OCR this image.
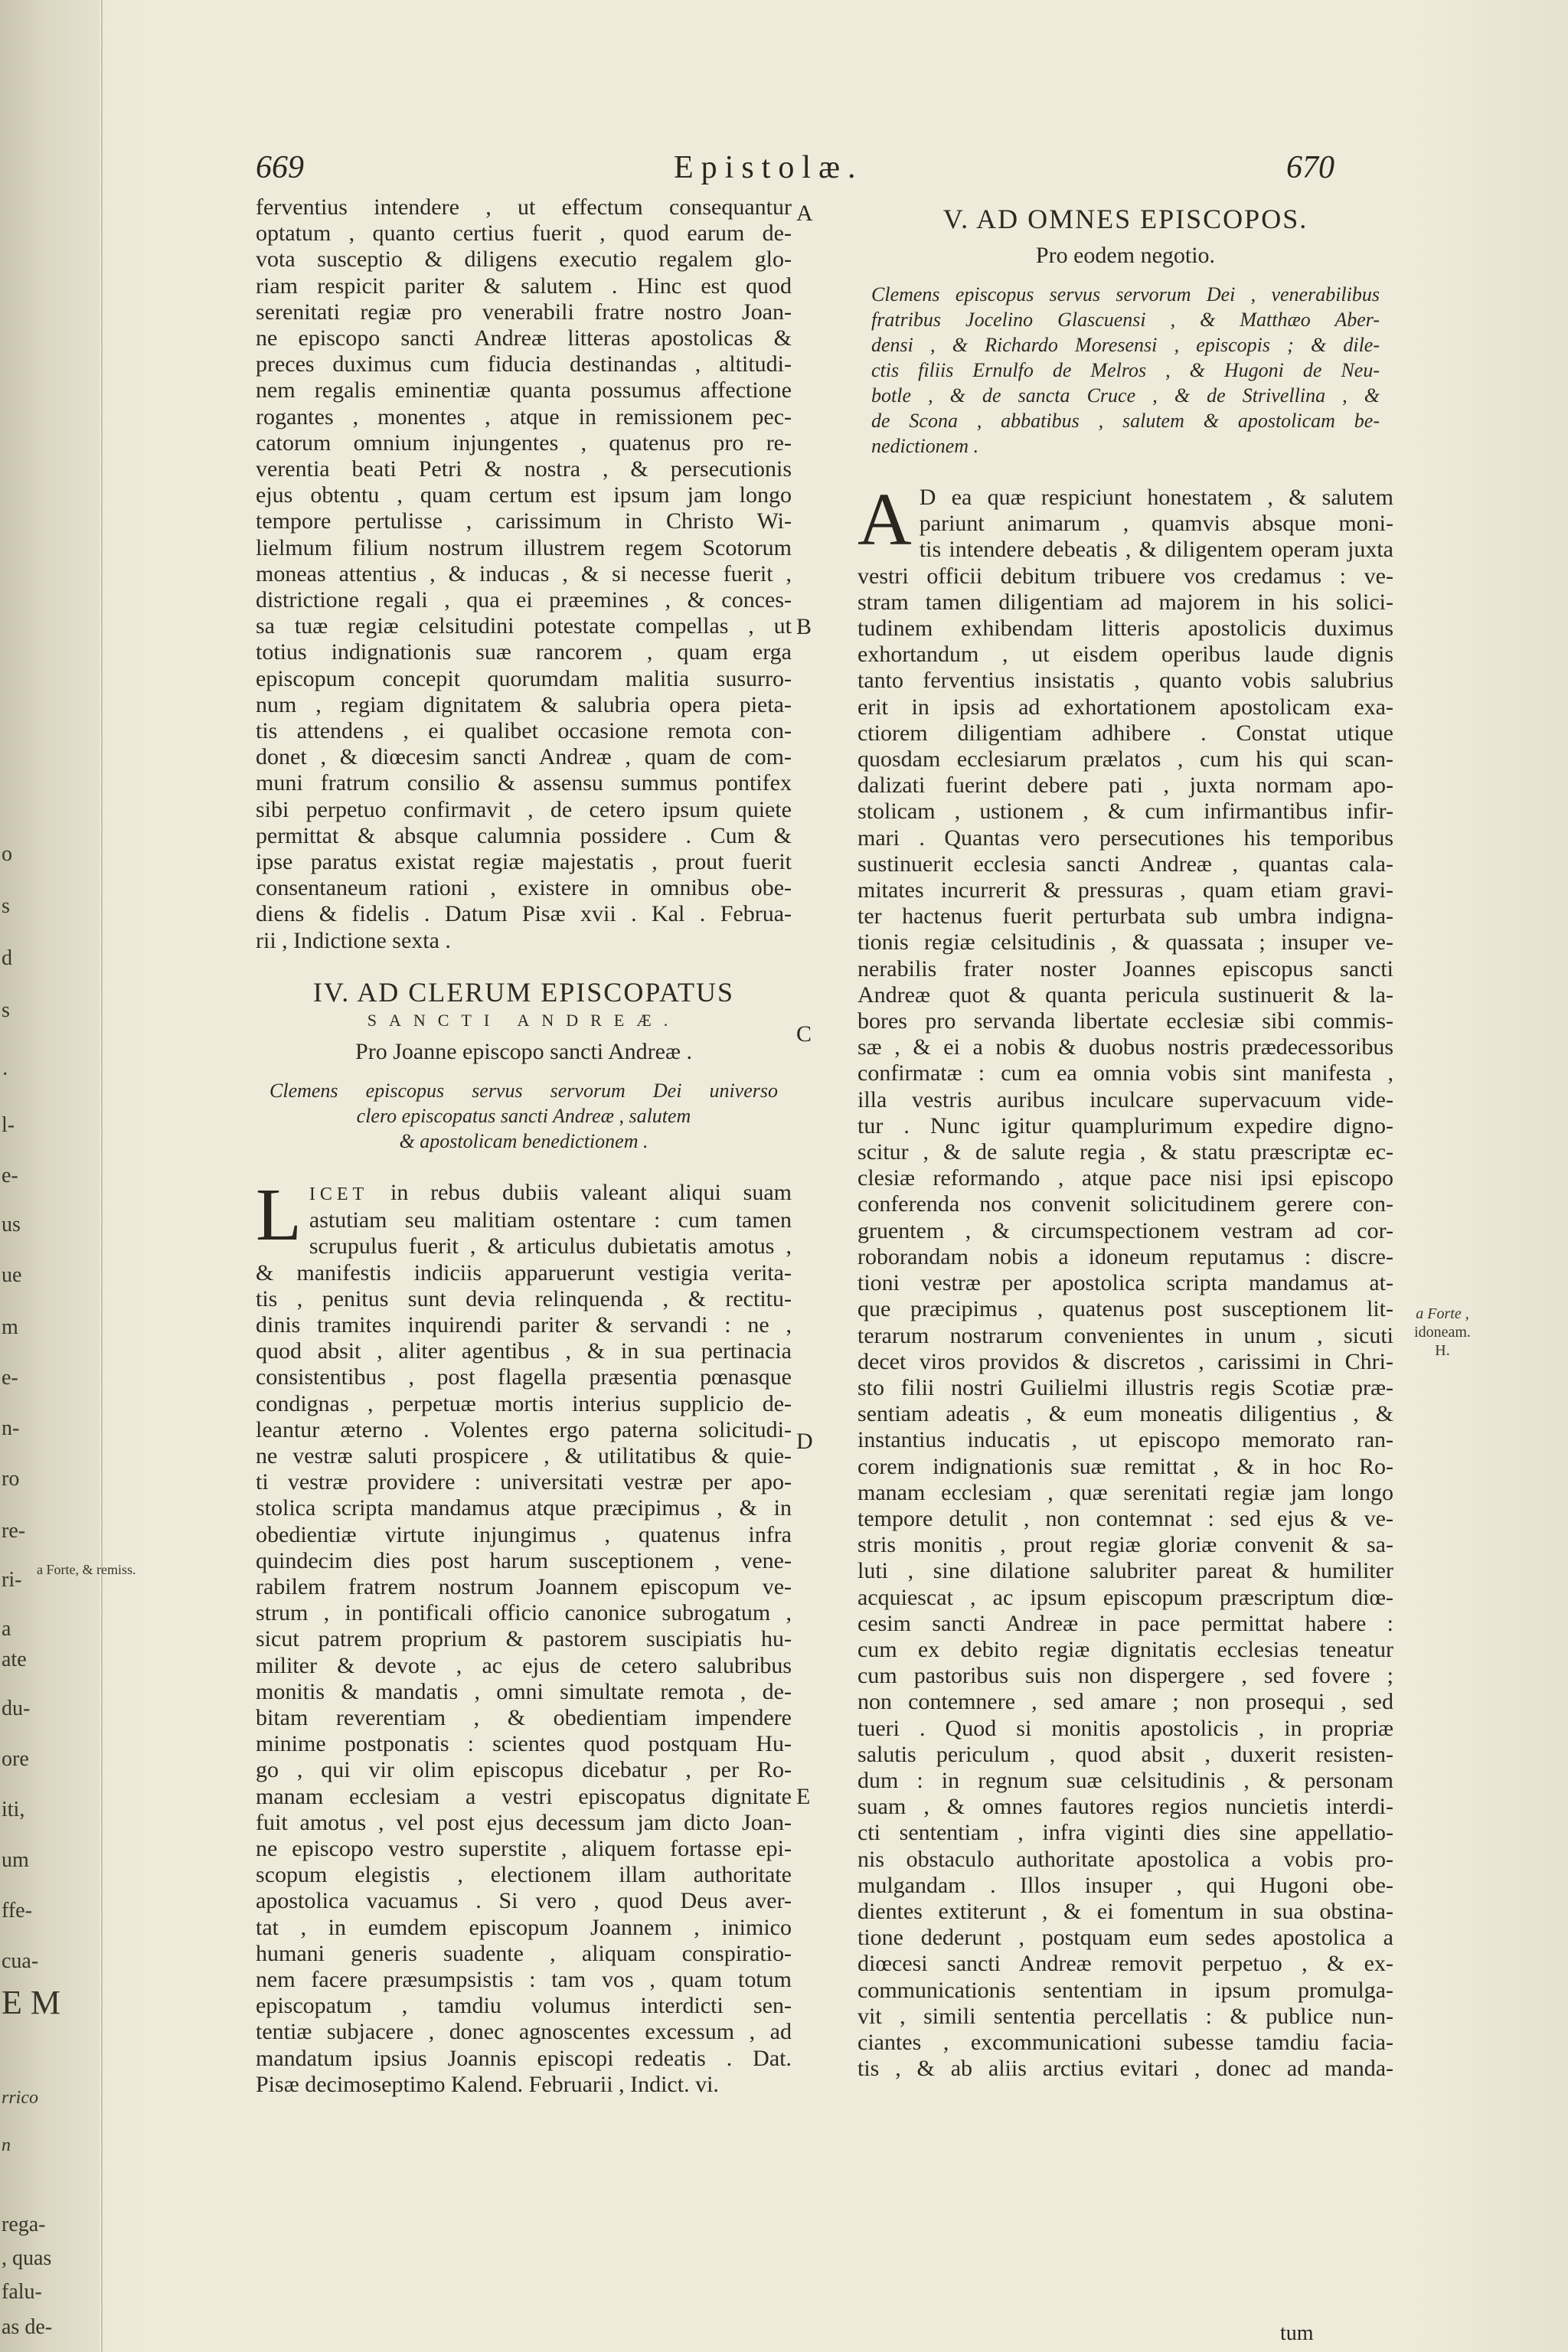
o
s
d
s
·
l-
e-
us
ue
m
e-
n-
ro
re-
ri-
a
ate
du-
ore
iti,
um
ffe-
cua-
E M
rrico
n
rega-
, quas
falu-
as de-
a Forte, & remiss.
669	Epistolæ.	670
A
B
C
D
E

ferventius intendere , ut effectum consequantur

optatum , quanto certius fuerit , quod earum de-

vota susceptio & diligens executio regalem glo-

riam respicit pariter & salutem . Hinc est quod

serenitati regiæ pro venerabili fratre nostro Joan-

ne episcopo sancti Andreæ litteras apostolicas &

preces duximus cum fiducia destinandas , altitudi-

nem regalis eminentiæ quanta possumus affectione

rogantes , monentes , atque in remissionem pec-

catorum omnium injungentes , quatenus pro re-

verentia beati Petri & nostra , & persecutionis

ejus obtentu , quam certum est ipsum jam longo

tempore pertulisse , carissimum in Christo Wi-

lielmum filium nostrum illustrem regem Scotorum

moneas attentius , & inducas , & si necesse fuerit ,

districtione regali , qua ei præemines , & conces-

sa tuæ regiæ celsitudini potestate compellas , ut

totius indignationis suæ rancorem , quam erga

episcopum concepit quorumdam malitia susurro-

num , regiam dignitatem & salubria opera pieta-

tis attendens , ei qualibet occasione remota con-

donet , & diœcesim sancti Andreæ , quam de com-

muni fratrum consilio & assensu summus pontifex

sibi perpetuo confirmavit , de cetero ipsum quiete

permittat & absque calumnia possidere . Cum &

ipse paratus existat regiæ majestatis , prout fuerit

consentaneum rationi , existere in omnibus obe-

diens & fidelis . Datum Pisæ xvii . Kal . Februa-

rii , Indictione sexta .

IV. AD CLERUM EPISCOPATUS
SANCTI ANDREÆ.
Pro Joanne episcopo sancti Andreæ .

Clemens episcopus servus servorum Dei universo

clero episcopatus sancti Andreæ , salutem

& apostolicam benedictionem .

L ICET in rebus dubiis valeant aliqui suam

astutiam seu malitiam ostentare : cum tamen

scrupulus fuerit , & articulus dubietatis amotus ,

& manifestis indiciis apparuerunt vestigia verita-

tis , penitus sunt devia relinquenda , & rectitu-

dinis tramites inquirendi pariter & servandi : ne ,

quod absit , aliter agentibus , & in sua pertinacia

consistentibus , post flagella præsentia pœnasque

condignas , perpetuæ mortis interius supplicio de-

leantur æterno . Volentes ergo paterna solicitudi-

ne vestræ saluti prospicere , & utilitatibus & quie-

ti vestræ providere : universitati vestræ per apo-

stolica scripta mandamus atque præcipimus , & in

obedientiæ virtute injungimus , quatenus infra

quindecim dies post harum susceptionem , vene-

rabilem fratrem nostrum Joannem episcopum ve-

strum , in pontificali officio canonice subrogatum ,

sicut patrem proprium & pastorem suscipiatis hu-

militer & devote , ac ejus de cetero salubribus

monitis & mandatis , omni simultate remota , de-

bitam reverentiam , & obedientiam impendere

minime postponatis : scientes quod postquam Hu-

go , qui vir olim episcopus dicebatur , per Ro-

manam ecclesiam a vestri episcopatus dignitate

fuit amotus , vel post ejus decessum jam dicto Joan-

ne episcopo vestro superstite , aliquem fortasse epi-

scopum elegistis , electionem illam authoritate

apostolica vacuamus . Si vero , quod Deus aver-

tat , in eumdem episcopum Joannem , inimico

humani generis suadente , aliquam conspiratio-

nem facere præsumpsistis : tam vos , quam totum

episcopatum , tamdiu volumus interdicti sen-

tentiæ subjacere , donec agnoscentes excessum , ad

mandatum ipsius Joannis episcopi redeatis . Dat.

Pisæ decimoseptimo Kalend. Februarii , Indict. vi.

V. AD OMNES EPISCOPOS.
Pro eodem negotio.

Clemens episcopus servus servorum Dei , venerabilibus

fratribus Jocelino Glascuensi , & Matthæo Aber-

densi , & Richardo Moresensi , episcopis ; & dile-

ctis filiis Ernulfo de Melros , & Hugoni de Neu-

botle , & de sancta Cruce , & de Strivellina , &

de Scona , abbatibus , salutem & apostolicam be-

nedictionem .

A D ea quæ respiciunt honestatem , & salutem

pariunt animarum , quamvis absque moni-

tis intendere debeatis , & diligentem operam juxta

vestri officii debitum tribuere vos credamus : ve-

stram tamen diligentiam ad majorem in his solici-

tudinem exhibendam litteris apostolicis duximus

exhortandum , ut eisdem operibus laude dignis

tanto ferventius insistatis , quanto vobis salubrius

erit in ipsis ad exhortationem apostolicam exa-

ctiorem diligentiam adhibere . Constat utique

quosdam ecclesiarum prælatos , cum his qui scan-

dalizati fuerint debere pati , juxta normam apo-

stolicam , ustionem , & cum infirmantibus infir-

mari . Quantas vero persecutiones his temporibus

sustinuerit ecclesia sancti Andreæ , quantas cala-

mitates incurrerit & pressuras , quam etiam gravi-

ter hactenus fuerit perturbata sub umbra indigna-

tionis regiæ celsitudinis , & quassata ; insuper ve-

nerabilis frater noster Joannes episcopus sancti

Andreæ quot & quanta pericula sustinuerit & la-

bores pro servanda libertate ecclesiæ sibi commis-

sæ , & ei a nobis & duobus nostris prædecessoribus

confirmatæ : cum ea omnia vobis sint manifesta ,

illa vestris auribus inculcare supervacuum vide-

tur . Nunc igitur quamplurimum expedire digno-

scitur , & de salute regia , & statu præscriptæ ec-

clesiæ reformando , atque pace nisi ipsi episcopo

conferenda nos convenit solicitudinem gerere con-

gruentem , & circumspectionem vestram ad cor-

roborandam nobis a idoneum reputamus : discre-

tioni vestræ per apostolica scripta mandamus at-

que præcipimus , quatenus post susceptionem lit-

terarum nostrarum convenientes in unum , sicuti

decet viros providos & discretos , carissimi in Chri-

sto filii nostri Guilielmi illustris regis Scotiæ præ-

sentiam adeatis , & eum moneatis diligentius , &

instantius inducatis , ut episcopo memorato ran-

corem indignationis suæ remittat , & in hoc Ro-

manam ecclesiam , quæ serenitati regiæ jam longo

tempore detulit , non contemnat : sed ejus & ve-

stris monitis , prout regiæ gloriæ convenit & sa-

luti , sine dilatione salubriter pareat & humiliter

acquiescat , ac ipsum episcopum præscriptum diœ-

cesim sancti Andreæ in pace permittat habere :

cum ex debito regiæ dignitatis ecclesias teneatur

cum pastoribus suis non dispergere , sed fovere ;

non contemnere , sed amare ; non prosequi , sed

tueri . Quod si monitis apostolicis , in propriæ

salutis periculum , quod absit , duxerit resisten-

dum : in regnum suæ celsitudinis , & personam

suam , & omnes fautores regios nuncietis interdi-

cti sententiam , infra viginti dies sine appellatio-

nis obstaculo authoritate apostolica a vobis pro-

mulgandam . Illos insuper , qui Hugoni obe-

dientes extiterunt , & ei fomentum in sua obstina-

tione dederunt , postquam eum sedes apostolica a

diœcesi sancti Andreæ removit perpetuo , & ex-

communicationis sententiam in ipsum promulga-

vit , simili sententia percellatis : & publice nun-

ciantes , excommunicationi subesse tamdiu facia-

tis , & ab aliis arctius evitari , donec ad manda-

a Forte ,
idoneam.
H.
tum
